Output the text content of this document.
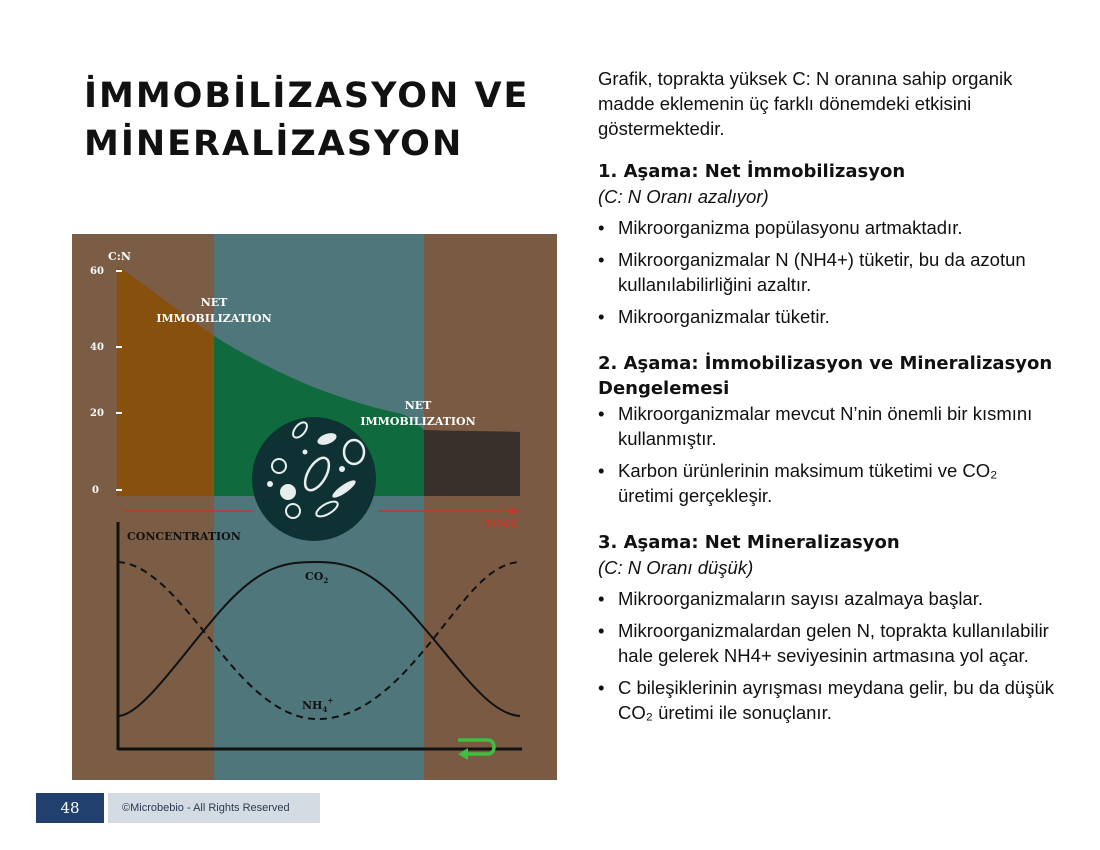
İMMOBİLİZASYON VE
MİNERALİZASYON
C:N
60
40
20
0
NET
IMMOBILIZATION
NET
IMMOBILIZATION
TIME
CONCENTRATION
$CO_2$
$NH_4^+$

Grafik, toprakta yüksek C: N oranına sahip organik madde eklemenin üç farklı dönemdeki etkisini göstermektedir.

1. Aşama: Net İmmobilizasyon

(C: N Oranı azalıyor)

• Mikroorganizma popülasyonu artmaktadır.
• Mikroorganizmalar N (NH4+) tüketir, bu da azotun kullanılabilirliğini azaltır.
• Mikroorganizmalar tüketir.

2. Aşama: İmmobilizasyon ve Mineralizasyon Dengelemesi

• Mikroorganizmalar mevcut N’nin önemli bir kısmını kullanmıştır.
• Karbon ürünlerinin maksimum tüketimi ve CO₂ üretimi gerçekleşir.

3. Aşama: Net Mineralizasyon

(C: N Oranı düşük)

• Mikroorganizmaların sayısı azalmaya başlar.
• Mikroorganizmalardan gelen N, toprakta kullanılabilir hale gelerek NH4+ seviyesinin artmasına yol açar.
• C bileşiklerinin ayrışması meydana gelir, bu da düşük CO₂ üretimi ile sonuçlanır.
48	©Microbebio - All Rights Reserved
